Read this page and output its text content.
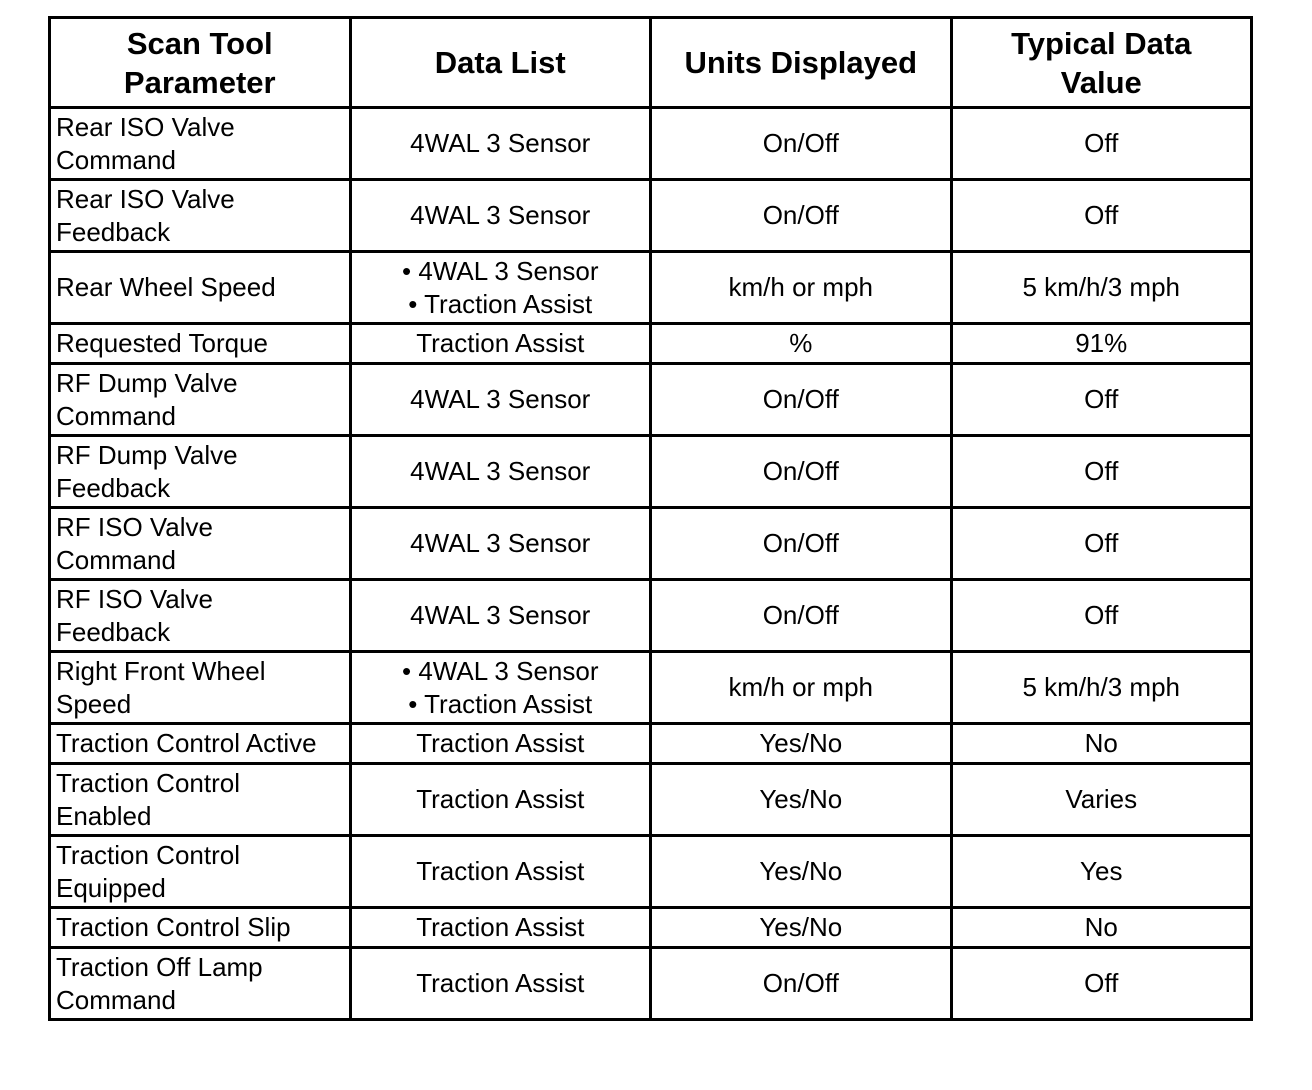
Scan Tool
Parameter	Data List	Units Displayed	Typical Data
Value

Rear ISO Valve
Command	4WAL 3 Sensor	On/Off	Off

Rear ISO Valve
Feedback	4WAL 3 Sensor	On/Off	Off

Rear Wheel Speed	• 4WAL 3 Sensor
• Traction Assist	km/h or mph	5 km/h/3 mph

Requested Torque	Traction Assist	%	91%

RF Dump Valve
Command	4WAL 3 Sensor	On/Off	Off

RF Dump Valve
Feedback	4WAL 3 Sensor	On/Off	Off

RF ISO Valve
Command	4WAL 3 Sensor	On/Off	Off

RF ISO Valve
Feedback	4WAL 3 Sensor	On/Off	Off

Right Front Wheel
Speed	• 4WAL 3 Sensor
• Traction Assist	km/h or mph	5 km/h/3 mph

Traction Control Active	Traction Assist	Yes/No	No

Traction Control
Enabled	Traction Assist	Yes/No	Varies

Traction Control
Equipped	Traction Assist	Yes/No	Yes

Traction Control Slip	Traction Assist	Yes/No	No

Traction Off Lamp
Command	Traction Assist	On/Off	Off
